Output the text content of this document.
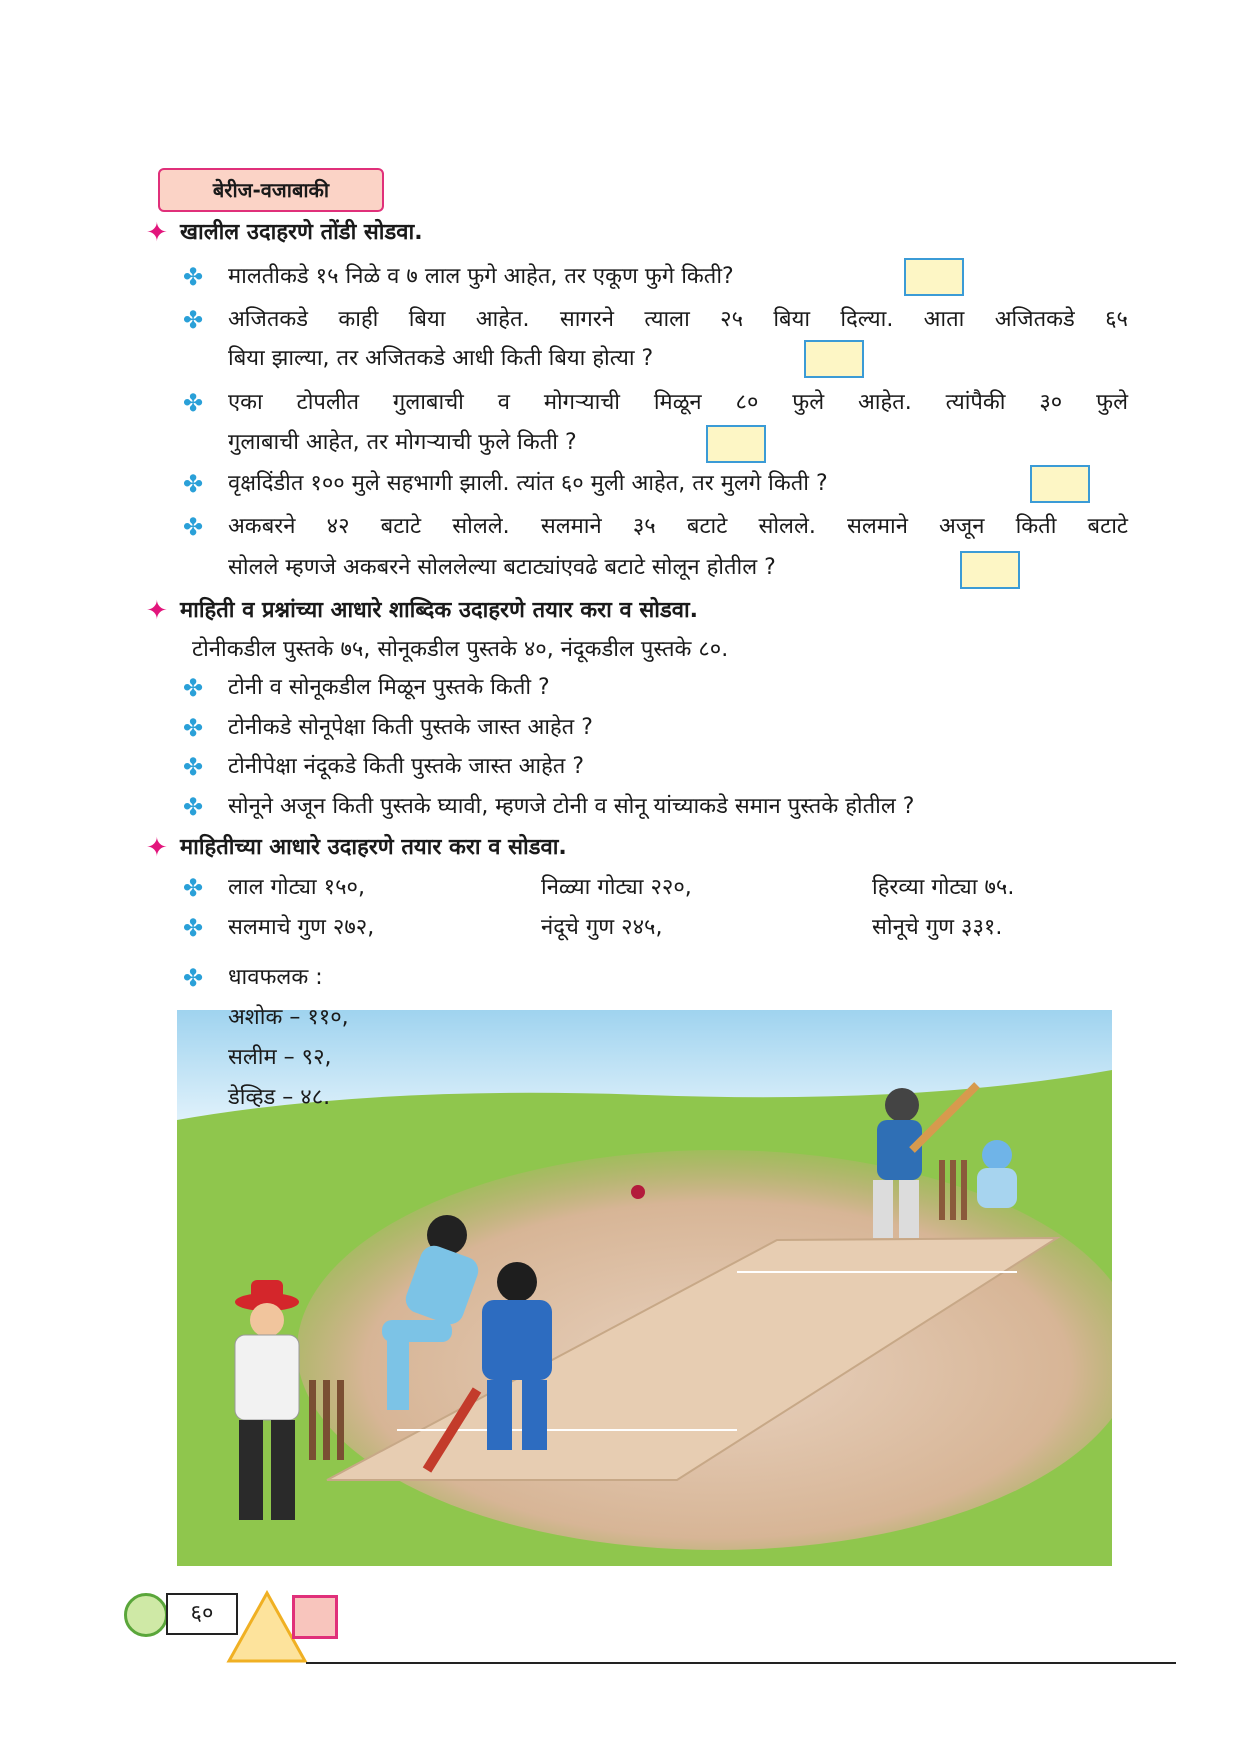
बेरीज-वजाबाकी
✦ खालील उदाहरणे तोंडी सोडवा.
✤ मालतीकडे १५ निळे व ७ लाल फुगे आहेत, तर एकूण फुगे किती?
✤ अजितकडे काही बिया आहेत. सागरने त्याला २५ बिया दिल्या. आता अजितकडे ६५
बिया झाल्या, तर अजितकडे आधी किती बिया होत्या ?
✤ एका टोपलीत गुलाबाची व मोगऱ्याची मिळून ८० फुले आहेत. त्यांपैकी ३० फुले
गुलाबाची आहेत, तर मोगऱ्याची फुले किती ?
✤ वृक्षदिंडीत १०० मुले सहभागी झाली. त्यांत ६० मुली आहेत, तर मुलगे किती ?
✤ अकबरने ४२ बटाटे सोलले. सलमाने ३५ बटाटे सोलले. सलमाने अजून किती बटाटे
सोलले म्हणजे अकबरने सोललेल्या बटाट्यांएवढे बटाटे सोलून होतील ?
✦ माहिती व प्रश्नांच्या आधारे शाब्दिक उदाहरणे तयार करा व सोडवा.
टोनीकडील पुस्तके ७५, सोनूकडील पुस्तके ४०, नंदूकडील पुस्तके ८०.
✤ टोनी व सोनूकडील मिळून पुस्तके किती ?
✤ टोनीकडे सोनूपेक्षा किती पुस्तके जास्त आहेत ?
✤ टोनीपेक्षा नंदूकडे किती पुस्तके जास्त आहेत ?
✤ सोनूने अजून किती पुस्तके घ्यावी, म्हणजे टोनी व सोनू यांच्याकडे समान पुस्तके होतील ?
✦ माहितीच्या आधारे उदाहरणे तयार करा व सोडवा.
✤ लाल गोट्या १५०,	निळ्या गोट्या २२०,	हिरव्या गोट्या ७५.
✤ सलमाचे गुण २७२,	नंदूचे गुण २४५,	सोनूचे गुण ३३१.
✤ धावफलक :
अशोक – ११०,
सलीम – ९२,
डेव्हिड – ४८.
६०
